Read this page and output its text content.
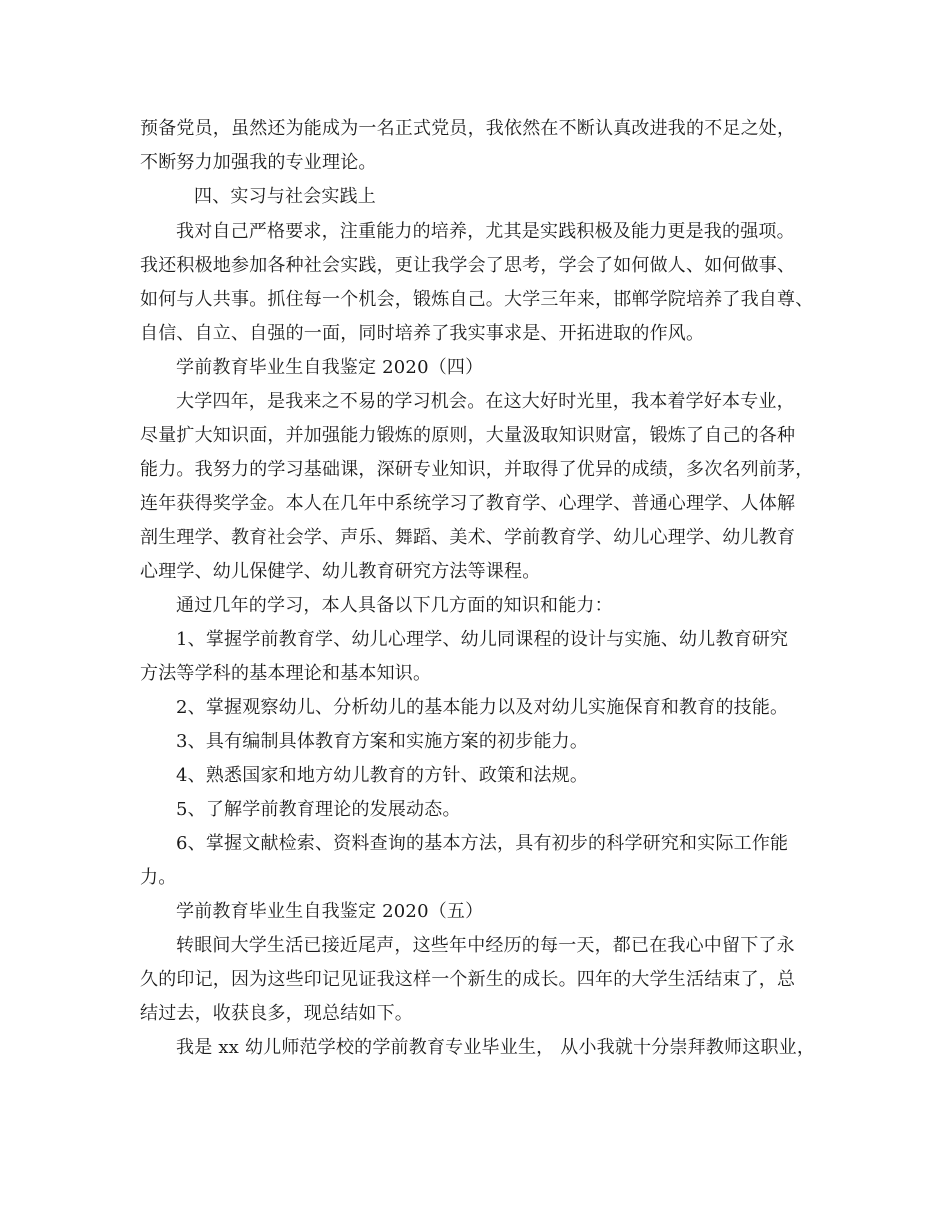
预备党员，虽然还为能成为一名正式党员，我依然在不断认真改进我的不足之处，
不断努力加强我的专业理论。
四、实习与社会实践上
我对自己严格要求，注重能力的培养，尤其是实践积极及能力更是我的强项。
我还积极地参加各种社会实践，更让我学会了思考，学会了如何做人、如何做事、
如何与人共事。抓住每一个机会，锻炼自己。大学三年来，邯郸学院培养了我自尊、
自信、自立、自强的一面，同时培养了我实事求是、开拓进取的作风。
学前教育毕业生自我鉴定 2020（四）
大学四年，是我来之不易的学习机会。在这大好时光里，我本着学好本专业，
尽量扩大知识面，并加强能力锻炼的原则，大量汲取知识财富，锻炼了自己的各种
能力。我努力的学习基础课，深研专业知识，并取得了优异的成绩，多次名列前茅，
连年获得奖学金。本人在几年中系统学习了教育学、心理学、普通心理学、人体解
剖生理学、教育社会学、声乐、舞蹈、美术、学前教育学、幼儿心理学、幼儿教育
心理学、幼儿保健学、幼儿教育研究方法等课程。
通过几年的学习，本人具备以下几方面的知识和能力：
1、掌握学前教育学、幼儿心理学、幼儿同课程的设计与实施、幼儿教育研究
方法等学科的基本理论和基本知识。
2、掌握观察幼儿、分析幼儿的基本能力以及对幼儿实施保育和教育的技能。
3、具有编制具体教育方案和实施方案的初步能力。
4、熟悉国家和地方幼儿教育的方针、政策和法规。
5、了解学前教育理论的发展动态。
6、掌握文献检索、资料查询的基本方法，具有初步的科学研究和实际工作能
力。
学前教育毕业生自我鉴定 2020（五）
转眼间大学生活已接近尾声，这些年中经历的每一天，都已在我心中留下了永
久的印记，因为这些印记见证我这样一个新生的成长。四年的大学生活结束了，总
结过去，收获良多，现总结如下。
我是 xx 幼儿师范学校的学前教育专业毕业生， 从小我就十分崇拜教师这职业，
